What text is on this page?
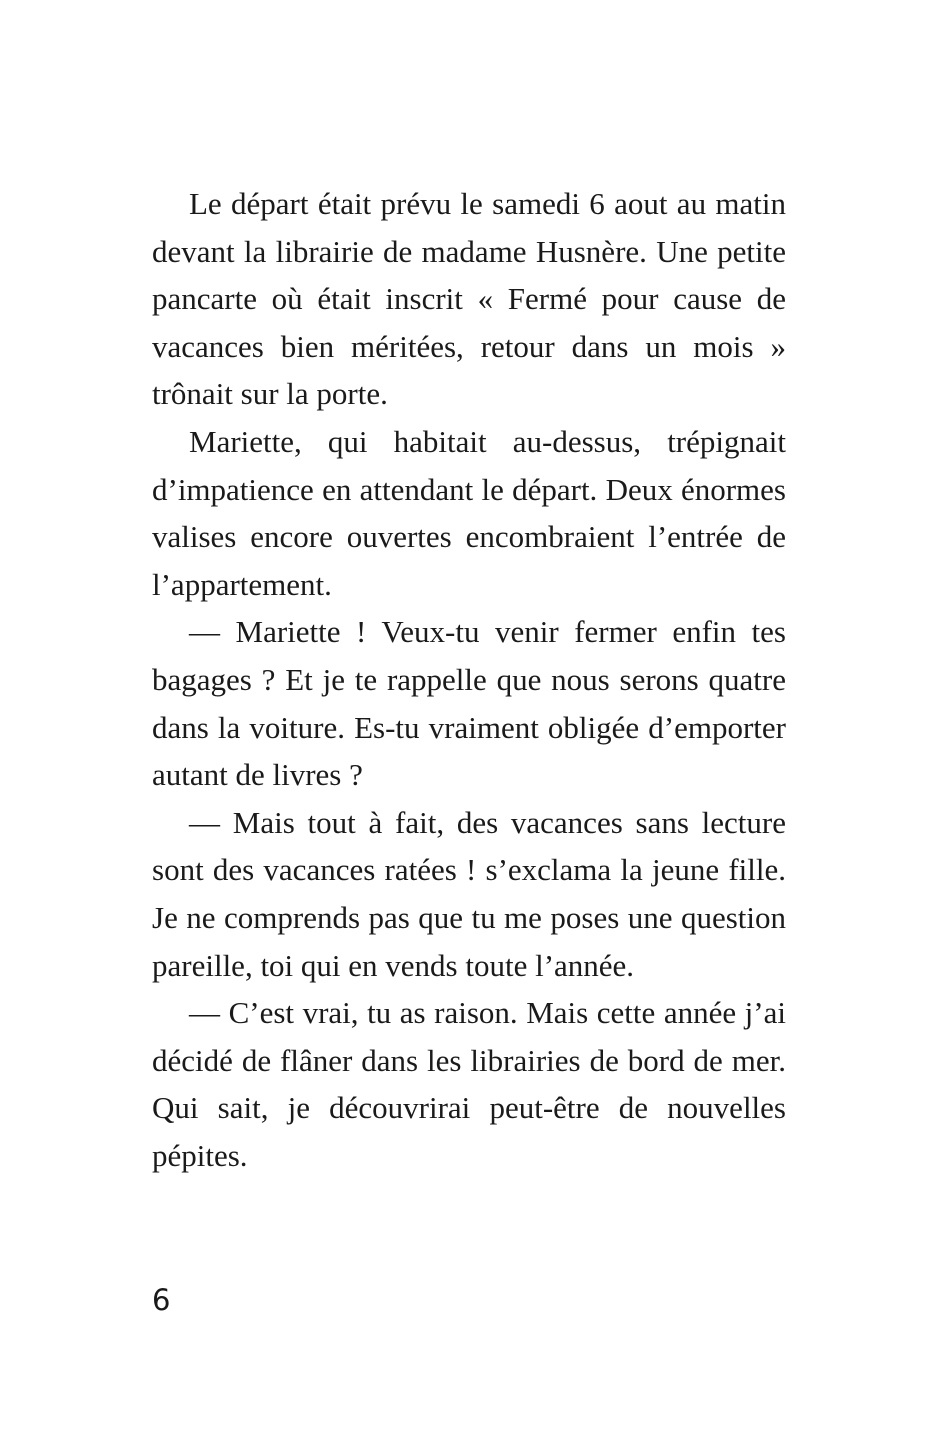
Le départ était prévu le samedi 6 aout au matin devant la librairie de madame Husnère. Une petite pancarte où était inscrit « Fermé pour cause de vacances bien méritées, retour dans un mois » trônait sur la porte.

Mariette, qui habitait au-dessus, trépignait d’impatience en attendant le départ. Deux énormes valises encore ouvertes encombraient l’entrée de l’appartement.

— Mariette ! Veux-tu venir fermer enfin tes bagages ? Et je te rappelle que nous serons quatre dans la voiture. Es-tu vraiment obligée d’emporter autant de livres ?

— Mais tout à fait, des vacances sans lecture sont des vacances ratées ! s’exclama la jeune fille. Je ne comprends pas que tu me poses une question pareille, toi qui en vends toute l’année.

— C’est vrai, tu as raison. Mais cette année j’ai décidé de flâner dans les librairies de bord de mer. Qui sait, je découvrirai peut-être de nouvelles pépites.

6
